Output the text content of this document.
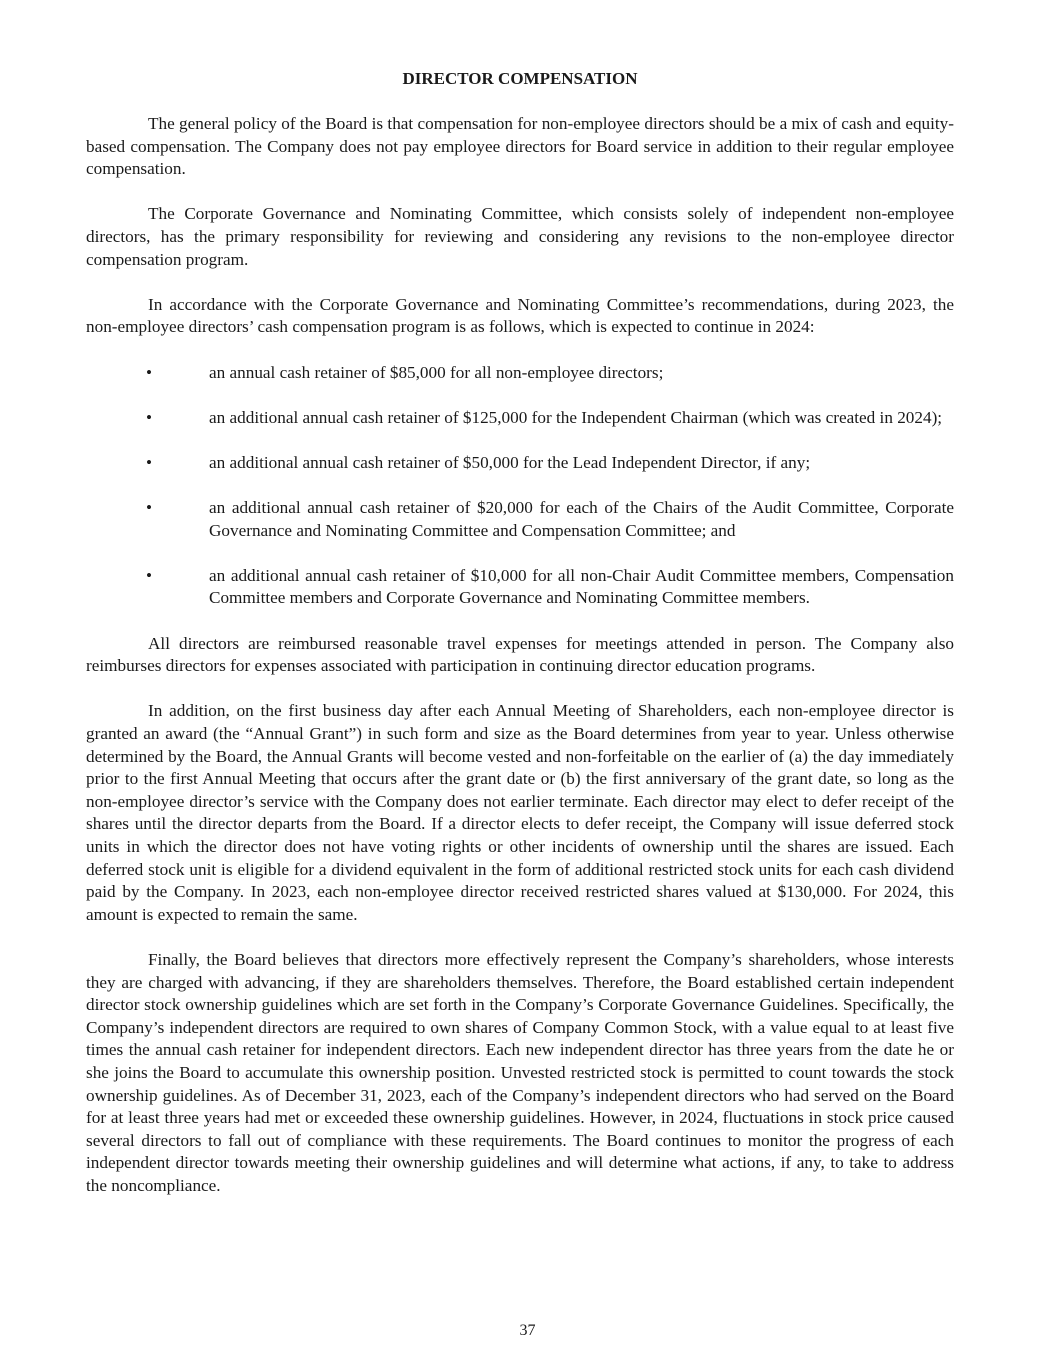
DIRECTOR COMPENSATION

The general policy of the Board is that compensation for non-employee directors should be a mix of cash and equity-based compensation. The Company does not pay employee directors for Board service in addition to their regular employee compensation.

The Corporate Governance and Nominating Committee, which consists solely of independent non-employee directors, has the primary responsibility for reviewing and considering any revisions to the non-employee director compensation program.

In accordance with the Corporate Governance and Nominating Committee’s recommendations, during 2023, the non-employee directors’ cash compensation program is as follows, which is expected to continue in 2024:

•	an annual cash retainer of $85,000 for all non-employee directors;
•	an additional annual cash retainer of $125,000 for the Independent Chairman (which was created in 2024);
•	an additional annual cash retainer of $50,000 for the Lead Independent Director, if any;
•	an additional annual cash retainer of $20,000 for each of the Chairs of the Audit Committee, Corporate Governance and Nominating Committee and Compensation Committee; and
•	an additional annual cash retainer of $10,000 for all non-Chair Audit Committee members, Compensation Committee members and Corporate Governance and Nominating Committee members.

All directors are reimbursed reasonable travel expenses for meetings attended in person. The Company also reimburses directors for expenses associated with participation in continuing director education programs.

In addition, on the first business day after each Annual Meeting of Shareholders, each non-employee director is granted an award (the “Annual Grant”) in such form and size as the Board determines from year to year. Unless otherwise determined by the Board, the Annual Grants will become vested and non-forfeitable on the earlier of (a) the day immediately prior to the first Annual Meeting that occurs after the grant date or (b) the first anniversary of the grant date, so long as the non-employee director’s service with the Company does not earlier terminate. Each director may elect to defer receipt of the shares until the director departs from the Board. If a director elects to defer receipt, the Company will issue deferred stock units in which the director does not have voting rights or other incidents of ownership until the shares are issued. Each deferred stock unit is eligible for a dividend equivalent in the form of additional restricted stock units for each cash dividend paid by the Company. In 2023, each non-employee director received restricted shares valued at $130,000. For 2024, this amount is expected to remain the same.

Finally, the Board believes that directors more effectively represent the Company’s shareholders, whose interests they are charged with advancing, if they are shareholders themselves. Therefore, the Board established certain independent director stock ownership guidelines which are set forth in the Company’s Corporate Governance Guidelines. Specifically, the Company’s independent directors are required to own shares of Company Common Stock, with a value equal to at least five times the annual cash retainer for independent directors. Each new independent director has three years from the date he or she joins the Board to accumulate this ownership position. Unvested restricted stock is permitted to count towards the stock ownership guidelines. As of December 31, 2023, each of the Company’s independent directors who had served on the Board for at least three years had met or exceeded these ownership guidelines. However, in 2024, fluctuations in stock price caused several directors to fall out of compliance with these requirements. The Board continues to monitor the progress of each independent director towards meeting their ownership guidelines and will determine what actions, if any, to take to address the noncompliance.

37
